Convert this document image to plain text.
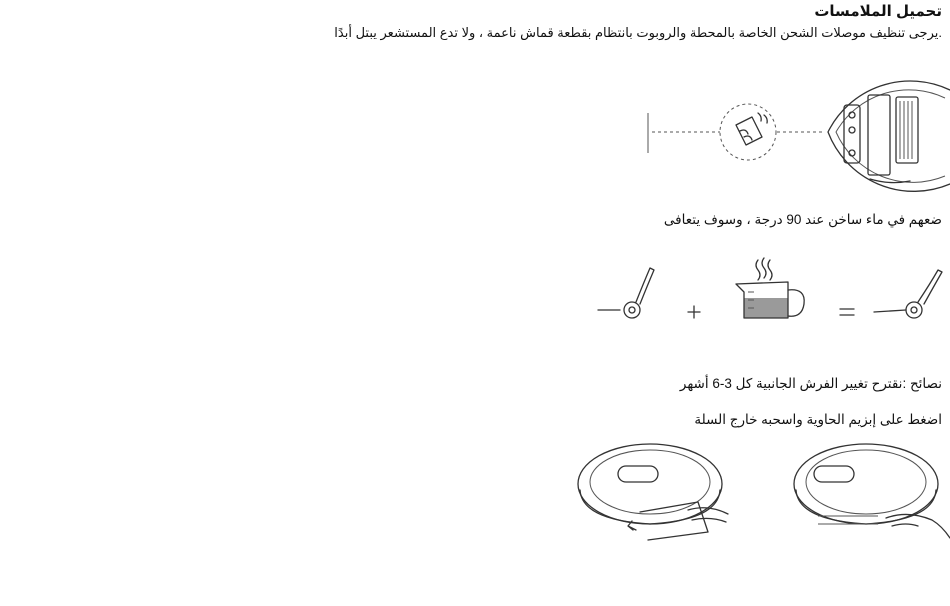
تحميل الملامسات
.يرجى تنظيف موصلات الشحن الخاصة بالمحطة والروبوت بانتظام بقطعة قماش ناعمة ، ولا تدع المستشعر يبتل أبدًا
ضعهم في ماء ساخن عند 90 درجة ، وسوف يتعافى
نصائح :نقترح تغيير الفرش الجانبية كل 3-6 أشهر
اضغط على إبزيم الحاوية واسحبه خارج السلة
